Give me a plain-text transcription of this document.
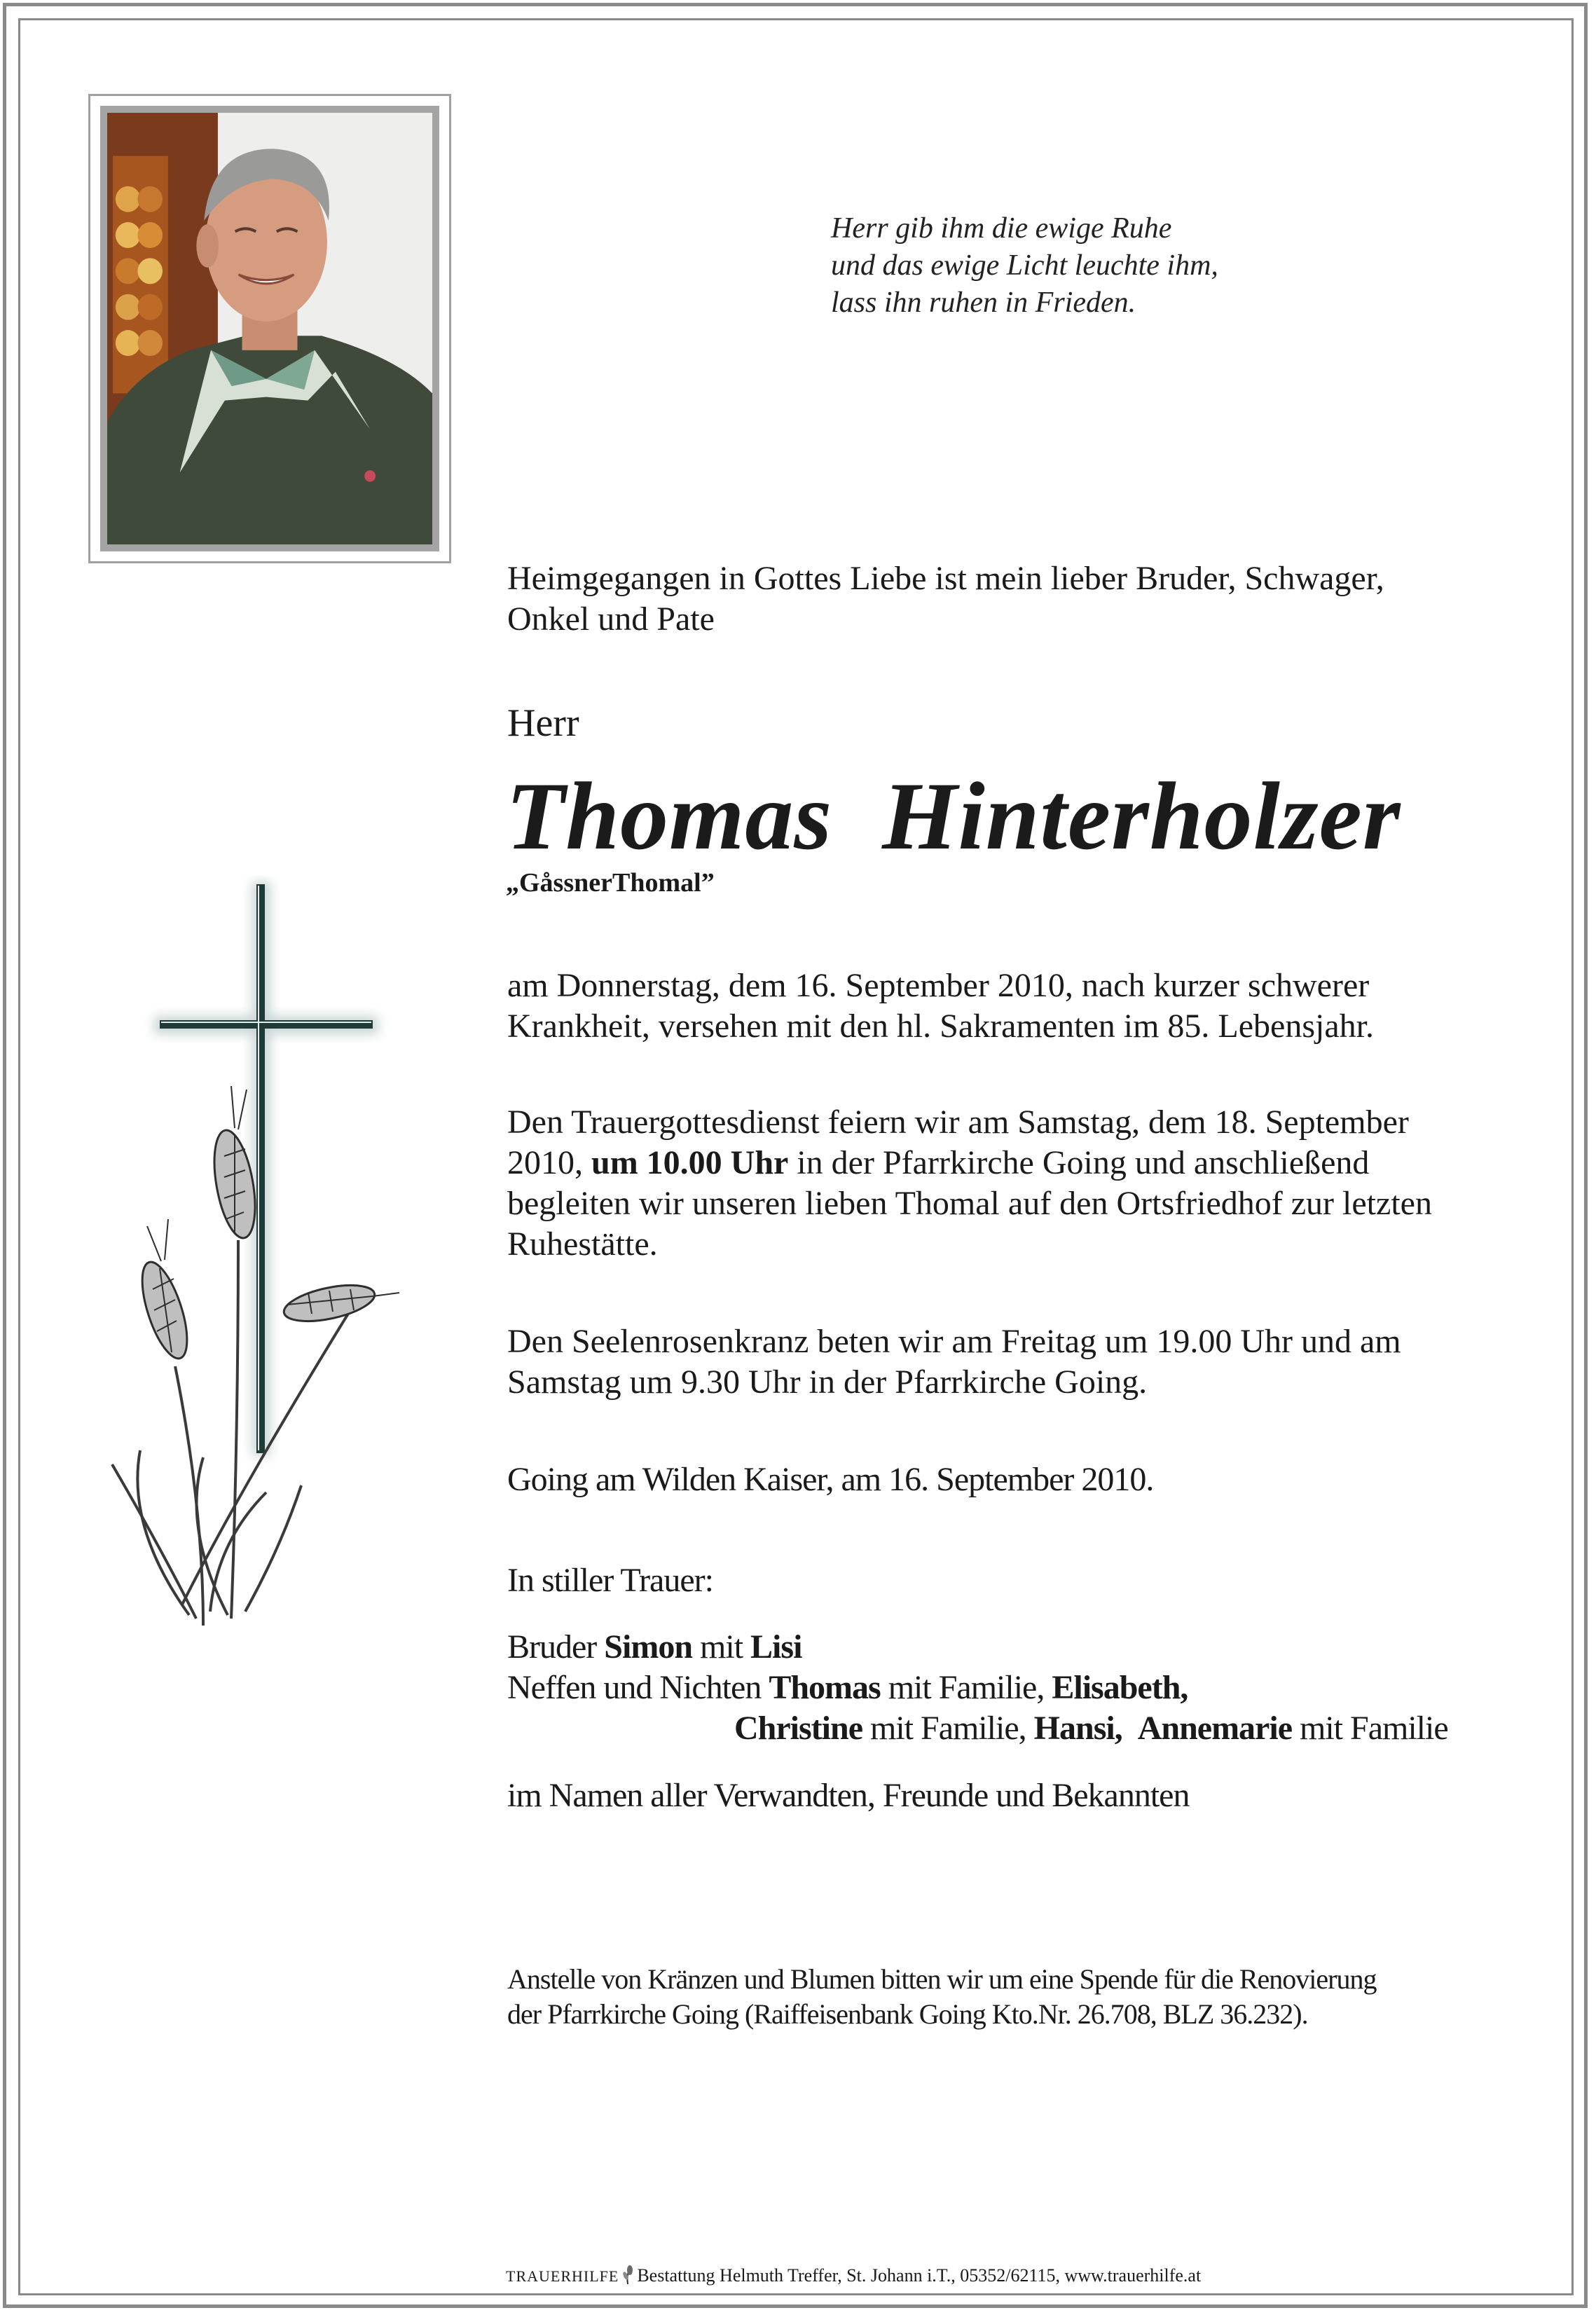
Herr gib ihm die ewige Ruhe
und das ewige Licht leuchte ihm,
lass ihn ruhen in Frieden.
Heimgegangen in Gottes Liebe ist mein lieber Bruder, Schwager,
Onkel und Pate
Herr
Thomas  Hinterholzer
„GåssnerThomal”
am Donnerstag, dem 16. September 2010, nach kurzer schwerer
Krankheit, versehen mit den hl. Sakramenten im 85. Lebensjahr.
Den Trauergottesdienst feiern wir am Samstag, dem 18. September
2010, um 10.00 Uhr in der Pfarrkirche Going und anschließend
begleiten wir unseren lieben Thomal auf den Ortsfriedhof zur letzten
Ruhestätte.
Den Seelenrosenkranz beten wir am Freitag um 19.00 Uhr und am
Samstag um 9.30 Uhr in der Pfarrkirche Going.
Going am Wilden Kaiser, am 16. September 2010.
In stiller Trauer:
Bruder Simon mit Lisi
Neffen und Nichten Thomas mit Familie, Elisabeth,
Christine mit Familie, Hansi, Annemarie mit Familie
im Namen aller Verwandten, Freunde und Bekannten
Anstelle von Kränzen und Blumen bitten wir um eine Spende für die Renovierung
der Pfarrkirche Going (Raiffeisenbank Going Kto.Nr. 26.708, BLZ 36.232).
TRAUERHILFE Bestattung Helmuth Treffer, St. Johann i.T., 05352/62115, www.trauerhilfe.at
